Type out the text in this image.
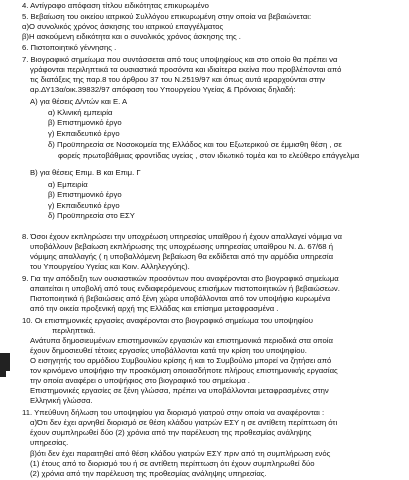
4. Αντίγραφο απόφαση τίτλου ειδικότητας επικυρωμένο
5. Βεβαίωση του οικείου ιατρικού Συλλόγου επικυρωμένη στην οποία να βεβαιώνεται:
α)Ο συνολικός χρόνος άσκησης του ιατρικού επαγγέλματος
β)Η ασκούμενη ειδικότητα και ο συνολικός χρόνος άσκησης της .
6. Πιστοποιητικό γέννησης .
7. Βιογραφικό σημείωμα που συντάσσεται από τους υποψηφίους και στο οποίο θα πρέπει να
γράφονται περιληπτικά τα ουσιαστικά προσόντα και ιδιαίτερα εκείνα που προβλέπονται από
τις διατάξεις της παρ.8 του άρθρου 37 του Ν.2519/97 και όπως αυτά ιεραρχούνται στην
αρ.ΔΥ13α/οικ.39832/97 απόφαση του Υπουργείου Υγείας & Πρόνοιας δηλαδή:
Α) για θέσεις Δ/ντών και Ε. Α
α) Κλινική εμπειρία
β) Επιστημονικό έργο
γ) Εκπαιδευτικό έργο
δ) Προϋπηρεσία σε Νοσοκομεία της Ελλάδος και του Εξωτερικού σε έμμισθη θέση , σε
φορείς πρωτοβάθμιας φροντίδας υγείας , στον ιδιωτικό τομέα και το ελεύθερο επάγγελμα
Β) για θέσεις Επιμ. Β και Επιμ. Γ
α) Εμπειρία
β) Επιστημονικό έργο
γ) Εκπαιδευτικό έργο
δ) Προϋπηρεσία στο ΕΣΥ
8. Όσοι έχουν εκπληρώσει την υποχρέωση υπηρεσίας υπαίθρου ή έχουν απαλλαγεί νόμιμα να
υποβάλλουν βεβαίωση εκπλήρωσης της υποχρέωσης υπηρεσίας υπαίθρου Ν. Δ. 67/68 ή
νόμιμης απαλλαγής ( η υποβαλλόμενη βεβαίωση θα εκδίδεται από την αρμόδια υπηρεσία
του Υπουργείου Υγείας και Κοιν. Αλληλεγγύης).
9. Για την απόδειξη των ουσιαστικών προσόντων που αναφέρονται στο βιογραφικό σημείωμα
απαιτείται η υποβολή από τους ενδιαφερόμενους επισήμων πιστοποιητικών ή βεβαιώσεων.
Πιστοποιητικά ή βεβαιώσεις από ξένη χώρα υποβάλλονται από τον υποψήφιο κυρωμένα
από την οικεία προξενική αρχή της Ελλάδας και επίσημα μεταφρασμένα .
10. Οι επιστημονικές εργασίες αναφέρονται στο βιογραφικό σημείωμα του υποψηφίου
περιληπτικά.
Ανάτυπα δημοσιευμένων επιστημονικών εργασιών και επιστημονικά περιοδικά στα οποία
έχουν δημοσιευθεί τέτοιες εργασίες υποβάλλονται κατά την κρίση του υποψηφίου.
Ο εισηγητής του αρμόδιου Συμβουλίου κρίσης ή και το Συμβούλιο μπορεί να ζητήσει από
τον κρινόμενο υποψήφιο την προσκόμιση οποιασδήποτε πλήρους επιστημονικής εργασίας
την οποία αναφέρει ο υποψήφιος στο βιογραφικό του σημείωμα .
Επιστημονικές εργασίες σε ξένη γλώσσα, πρέπει να υποβάλλονται μεταφρασμένες στην
Ελληνική γλώσσα.
11. Υπεύθυνη δήλωση του υποψηφίου για διορισμό γιατρού στην οποία να αναφέρονται :
α)Ότι δεν έχει αρνηθεί διορισμό σε θέση κλάδου γιατρών ΕΣΥ η σε αντίθετη περίπτωση ότι
έχουν συμπληρωθεί δύο (2) χρόνια από την παρέλευση της προθεσμίας ανάληψης
υπηρεσίας.
β)ότι δεν έχει παραιτηθεί από θέση κλάδου γιατρών ΕΣΥ πριν από τη συμπλήρωση ενός
(1) έτους από το διορισμό του ή σε αντίθετη περίπτωση ότι έχουν συμπληρωθεί δύο
(2) χρόνια από την παρέλευση της προθεσμίας ανάληψης υπηρεσίας.
